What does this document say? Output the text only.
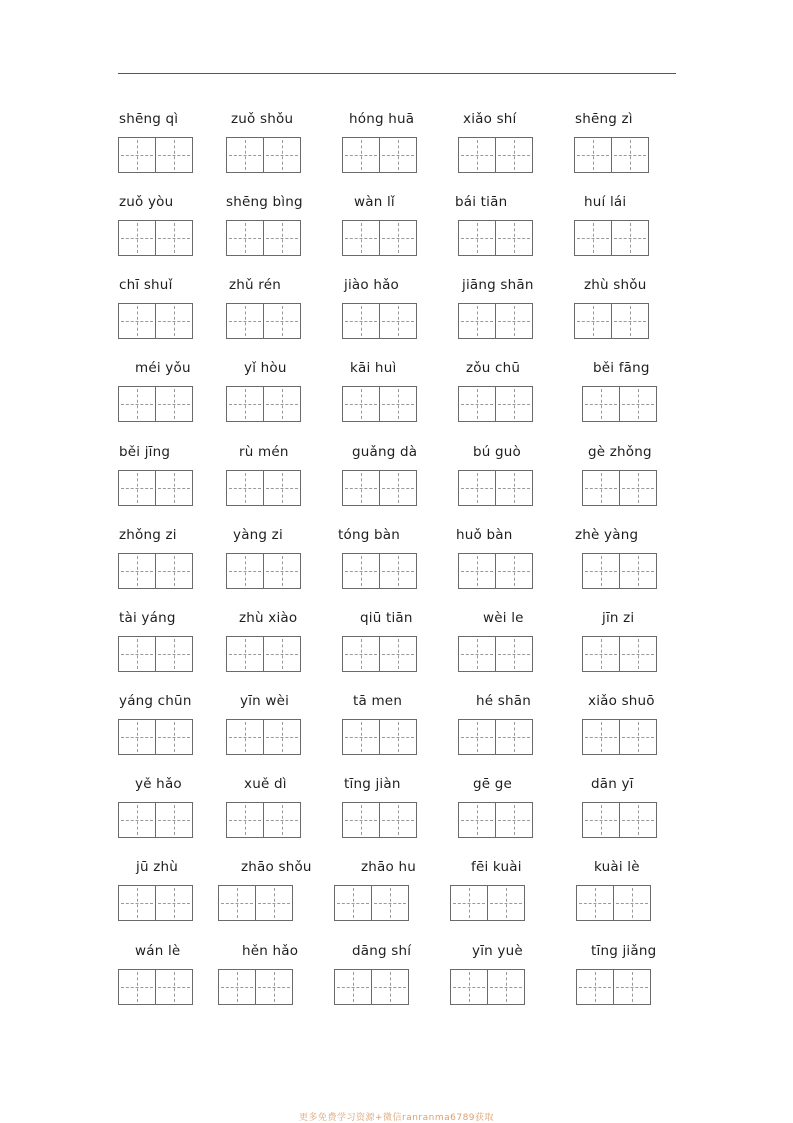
shēng qì	zuǒ shǒu	hóng huā	xiǎo shí	shēng zì
zuǒ yòu	shēng bìng	wàn lǐ	bái tiān	huí lái
chī shuǐ	zhǔ rén	jiào hǎo	jiāng shān	zhù shǒu
méi yǒu	yǐ hòu	kāi huì	zǒu chū	běi fāng
běi jīng	rù mén	guǎng dà	bú guò	gè zhǒng
zhǒng zi	yàng zi	tóng bàn	huǒ bàn	zhè yàng
tài yáng	zhù xiào	qiū tiān	wèi le	jīn zi
yáng chūn	yīn wèi	tā men	hé shān	xiǎo shuō
yě hǎo	xuě dì	tīng jiàn	gē ge	dān yī
jū zhù	zhāo shǒu	zhāo hu	fēi kuài	kuài lè
wán lè	hěn hǎo	dāng shí	yīn yuè	tīng jiǎng
更多免费学习资源+微信ranranma6789获取
